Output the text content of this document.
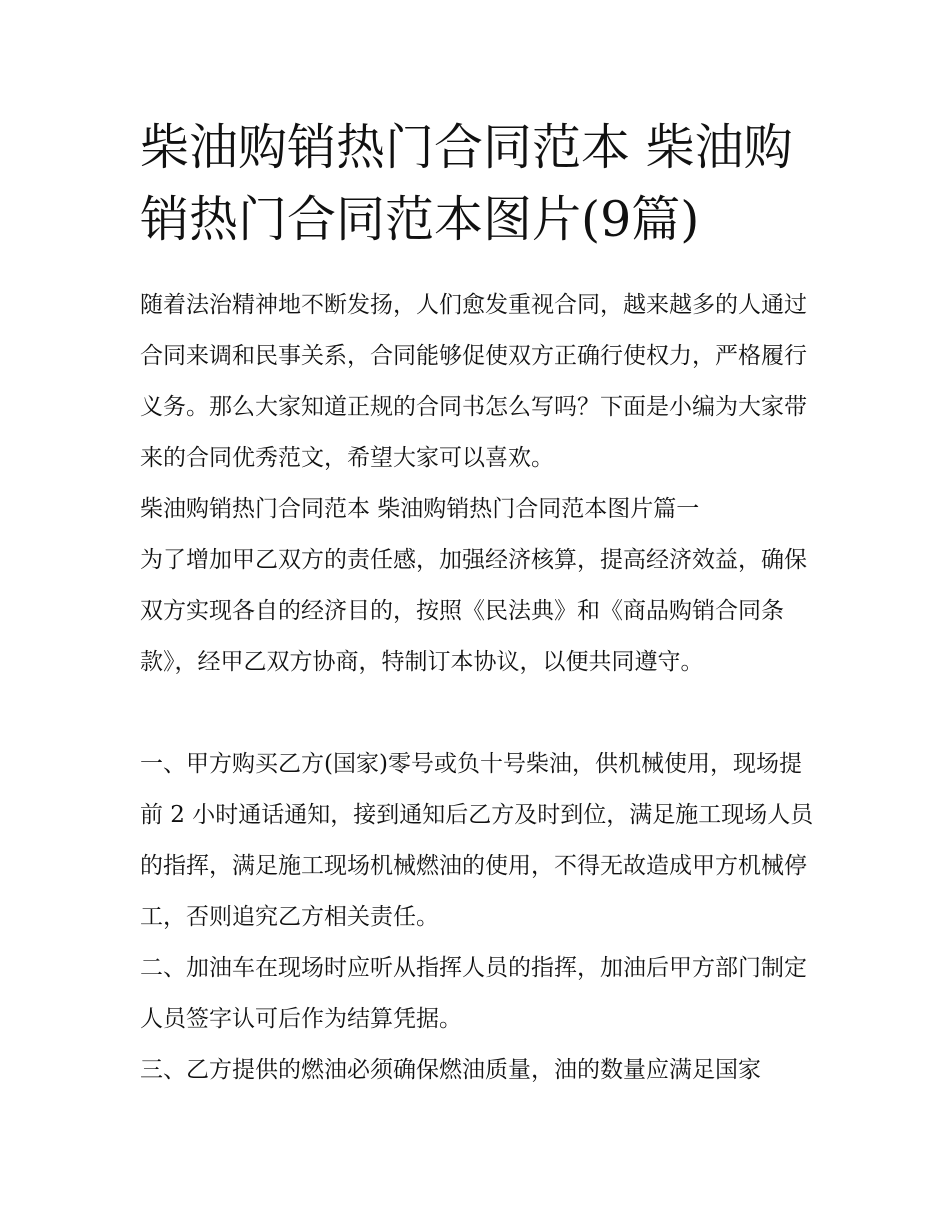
柴油购销热门合同范本 柴油购销热门合同范本图片(9篇)

随着法治精神地不断发扬，人们愈发重视合同，越来越多的人通过合同来调和民事关系，合同能够促使双方正确行使权力，严格履行义务。那么大家知道正规的合同书怎么写吗？下面是小编为大家带来的合同优秀范文，希望大家可以喜欢。

柴油购销热门合同范本 柴油购销热门合同范本图片篇一

为了增加甲乙双方的责任感，加强经济核算，提高经济效益，确保双方实现各自的经济目的，按照《民法典》和《商品购销合同条款》，经甲乙双方协商，特制订本协议，以便共同遵守。

一、甲方购买乙方(国家)零号或负十号柴油，供机械使用，现场提前 2 小时通话通知，接到通知后乙方及时到位，满足施工现场人员的指挥，满足施工现场机械燃油的使用，不得无故造成甲方机械停工，否则追究乙方相关责任。

二、加油车在现场时应听从指挥人员的指挥，加油后甲方部门制定人员签字认可后作为结算凭据。

三、乙方提供的燃油必须确保燃油质量，油的数量应满足国家
